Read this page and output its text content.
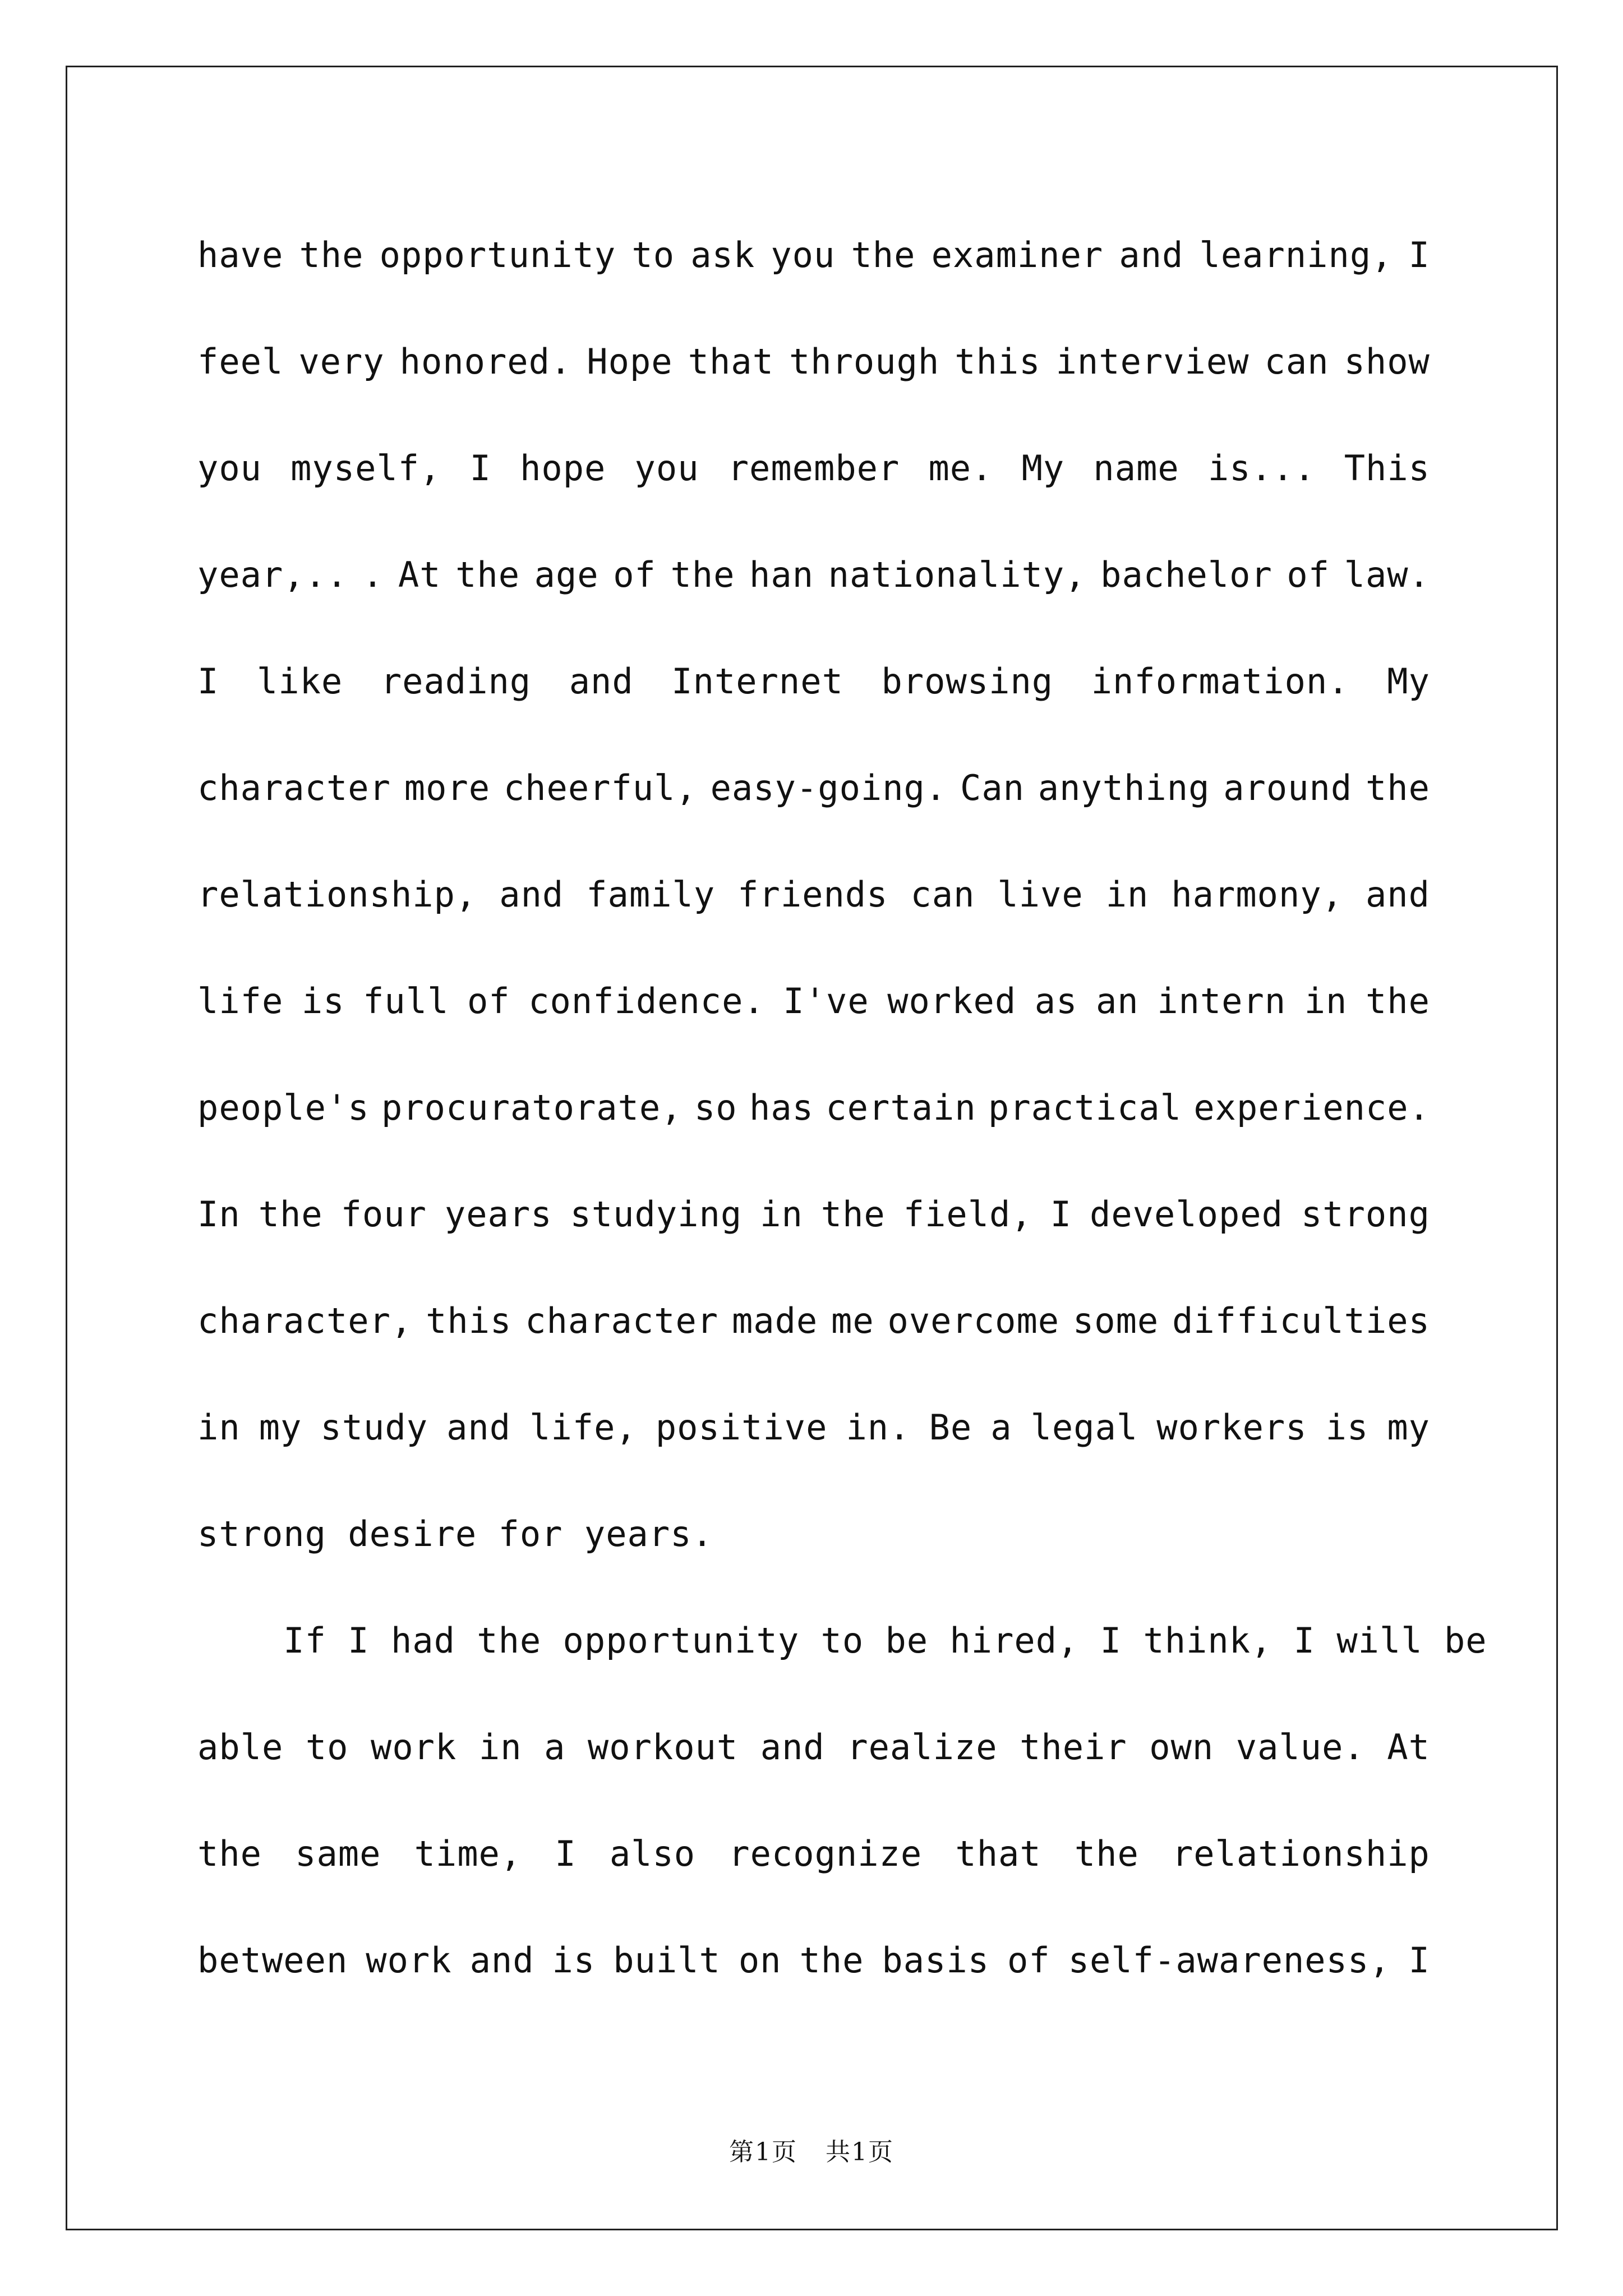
have the opportunity to ask you the examiner and learning, I
feel very honored. Hope that through this interview can show
you myself, I hope you remember me. My name is... This
year,.. . At the age of the han nationality, bachelor of law.
I like reading and Internet browsing information. My
character more cheerful, easy-going. Can anything around the
relationship, and family friends can live in harmony, and
life is full of confidence. I've worked as an intern in the
people's procuratorate, so has certain practical experience.
In the four years studying in the field, I developed strong
character, this character made me overcome some difficulties
in my study and life, positive in. Be a legal workers is my
strong desire for years.
If I had the opportunity to be hired, I think, I will be
able to work in a workout and realize their own value. At
the same time, I also recognize that the relationship
between work and is built on the basis of self-awareness, I
第1页 共1页
